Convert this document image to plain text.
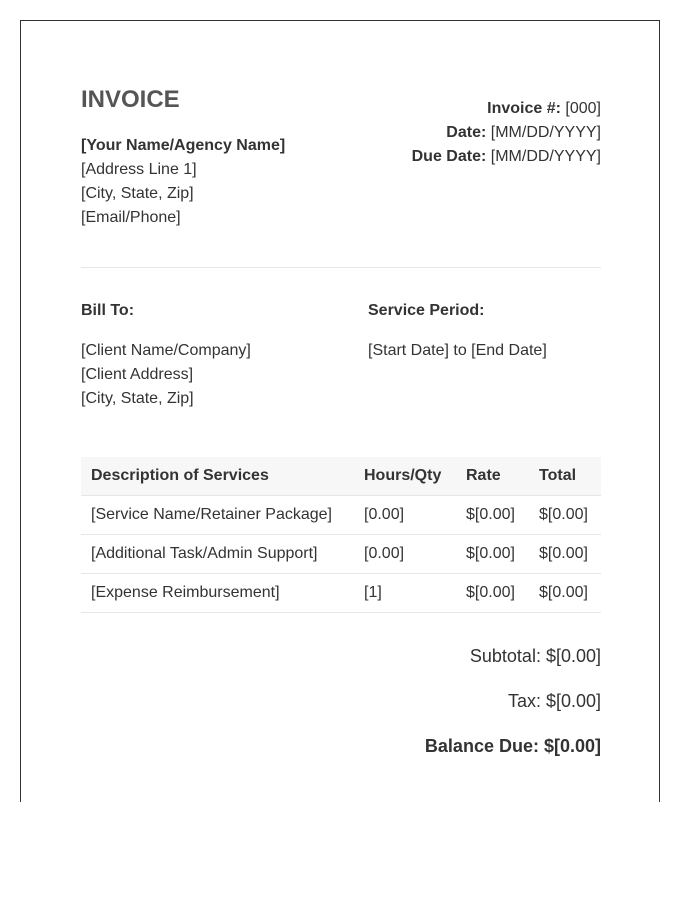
INVOICE
[Your Name/Agency Name]
[Address Line 1]
[City, State, Zip]
[Email/Phone]
Invoice #: [000]
Date: [MM/DD/YYYY]
Due Date: [MM/DD/YYYY]
Bill To:
[Client Name/Company]
[Client Address]
[City, State, Zip]
Service Period:
[Start Date] to [End Date]
Description of Services	Hours/Qty	Rate	Total
[Service Name/Retainer Package]	[0.00]	$[0.00]	$[0.00]
[Additional Task/Admin Support]	[0.00]	$[0.00]	$[0.00]
[Expense Reimbursement]	[1]	$[0.00]	$[0.00]
Subtotal: $[0.00]
Tax: $[0.00]
Balance Due: $[0.00]
